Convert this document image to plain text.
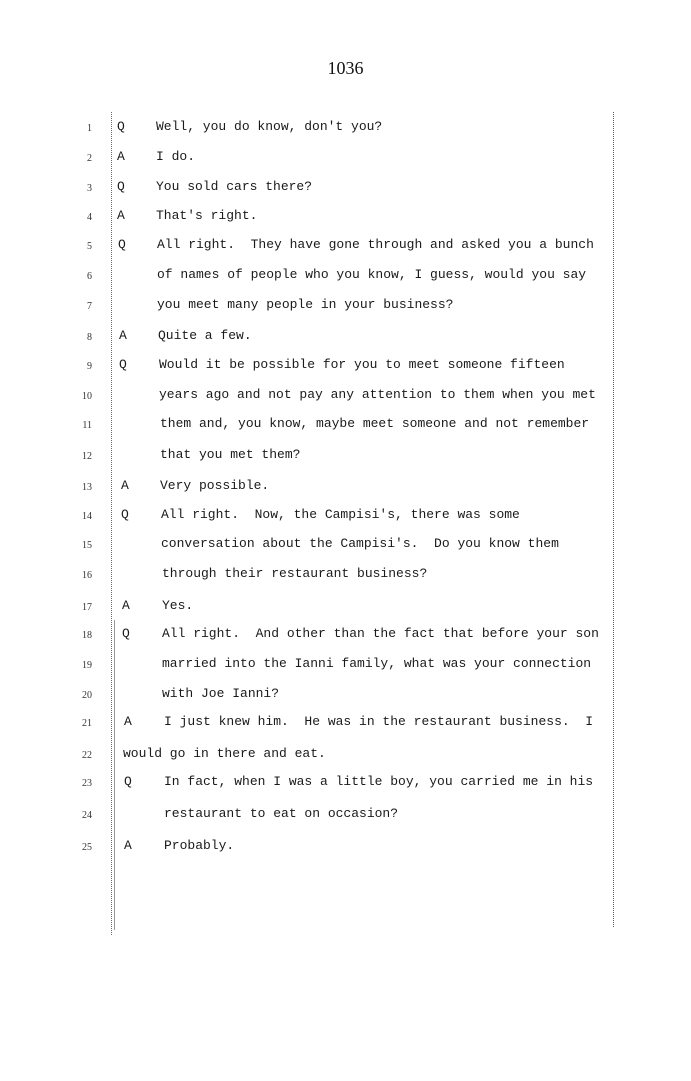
1036
1 Q Well, you do know, don't you?
2 A I do.
3 Q You sold cars there?
4 A That's right.
5 Q All right.  They have gone through and asked you a bunch
6	of names of people who you know, I guess, would you say
7	you meet many people in your business?
8 A Quite a few.
9 Q Would it be possible for you to meet someone fifteen
10	years ago and not pay any attention to them when you met
11	them and, you know, maybe meet someone and not remember
12	that you met them?
13 A Very possible.
14 Q All right.  Now, the Campisi's, there was some
15	conversation about the Campisi's.  Do you know them
16	through their restaurant business?
17 A Yes.
18 Q All right.  And other than the fact that before your son
19	married into the Ianni family, what was your connection
20	with Joe Ianni?
21 A I just knew him.  He was in the restaurant business.  I
22 would go in there and eat.
23 Q In fact, when I was a little boy, you carried me in his
24	restaurant to eat on occasion?
25 A Probably.
